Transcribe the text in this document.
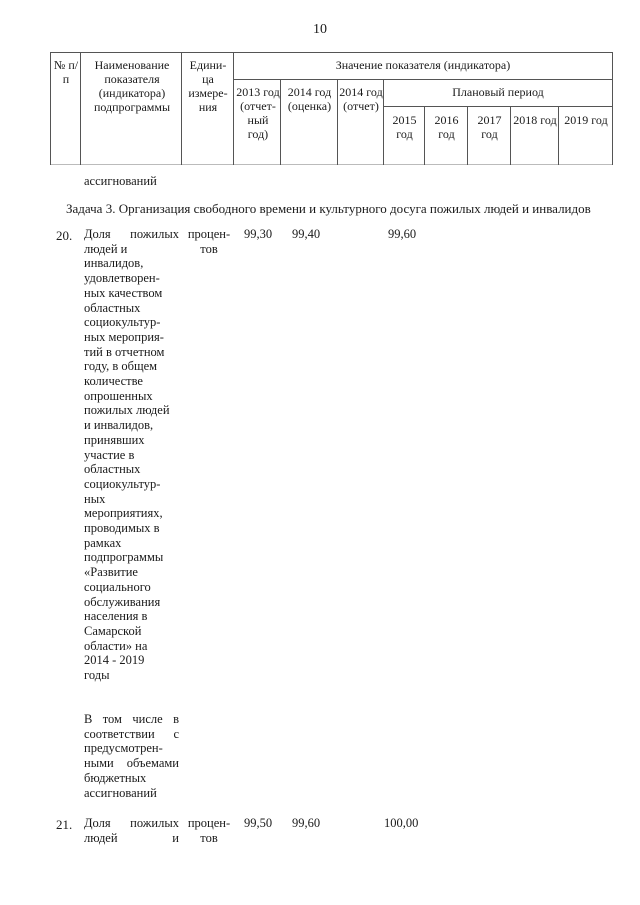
10
№ п/п
Наименование показателя (индикатора) подпрограммы
Едини-ца измере-ния
Значение показателя (индикатора)
2013 год (отчет-ный год)
2014 год (оценка)
2014 год (отчет)
Плановый период
2015 год
2016 год
2017 год
2018 год 2019 год
ассигнований
Задача 3. Организация свободного времени и культурного досуга пожилых людей и инвалидов
20. Доля пожилых
людей и
инвалидов,
удовлетворен-
ных качеством
областных
социокультур-
ных мероприя-
тий в отчетном
году, в общем
количестве
опрошенных
пожилых людей
и инвалидов,
принявших
участие в
областных
социокультур-
ных
мероприятиях,
проводимых в
рамках
подпрограммы
«Развитие
социального
обслуживания
населения в
Самарской
области» на
2014 - 2019
годы
В том числе в
соответствии с
предусмотрен-
ными объемами
бюджетных
ассигнований
процен-
тов
99,30 99,40	99,60
21. Доля пожилых
людей и
процен-
тов
99,50 99,60	100,00
